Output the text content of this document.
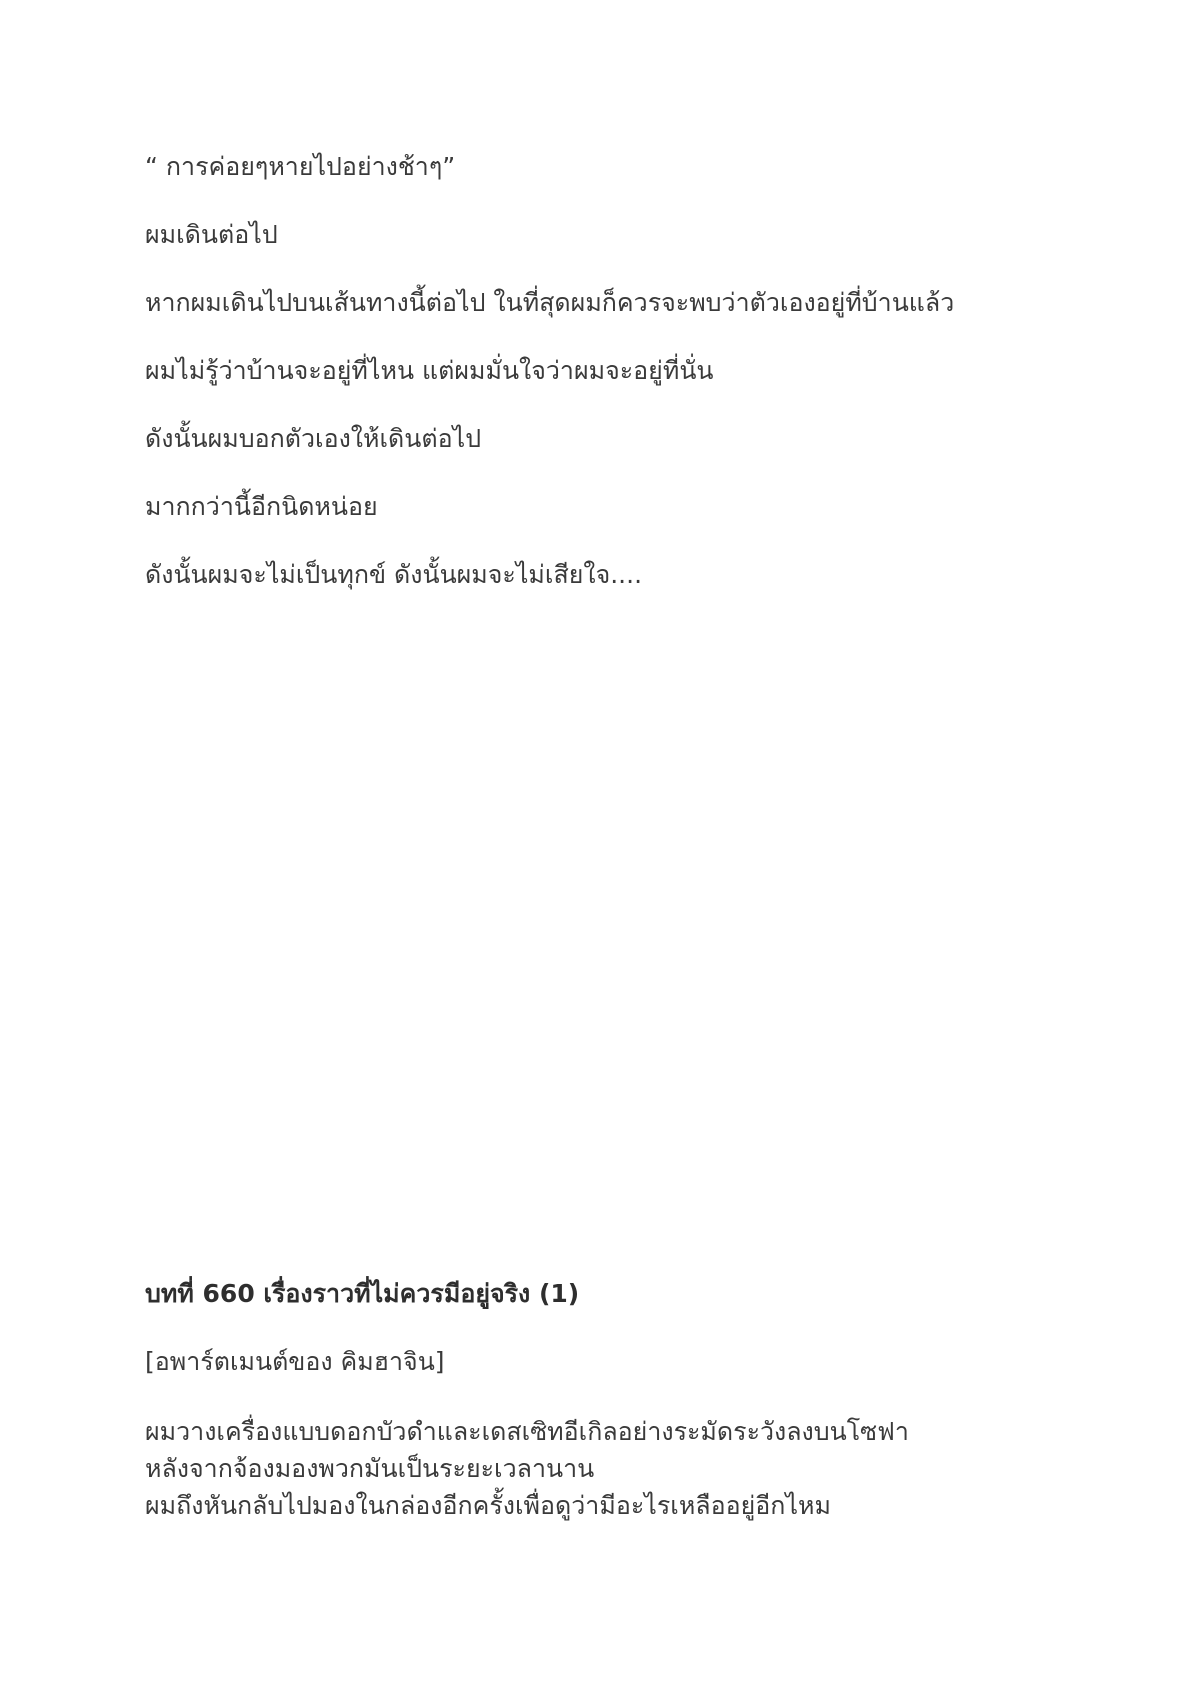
“ การค่อยๆหายไปอย่างช้าๆ”

ผมเดินต่อไป

หากผมเดินไปบนเส้นทางนี้ต่อไป ในที่สุดผมก็ควรจะพบว่าตัวเองอยู่ที่บ้านแล้ว

ผมไม่รู้ว่าบ้านจะอยู่ที่ไหน แต่ผมมั่นใจว่าผมจะอยู่ที่นั่น

ดังนั้นผมบอกตัวเองให้เดินต่อไป

มากกว่านี้อีกนิดหน่อย

ดังนั้นผมจะไม่เป็นทุกข์ ดังนั้นผมจะไม่เสียใจ....

บทที่ 660 เรื่องราวที่ไม่ควรมีอยู่จริง (1)

[อพาร์ตเมนต์ของ คิมฮาจิน]

ผมวางเครื่องแบบดอกบัวดำและเดสเซิทอีเกิลอย่างระมัดระวังลงบนโซฟา
หลังจากจ้องมองพวกมันเป็นระยะเวลานาน
ผมถึงหันกลับไปมองในกล่องอีกครั้งเพื่อดูว่ามีอะไรเหลืออยู่อีกไหม
